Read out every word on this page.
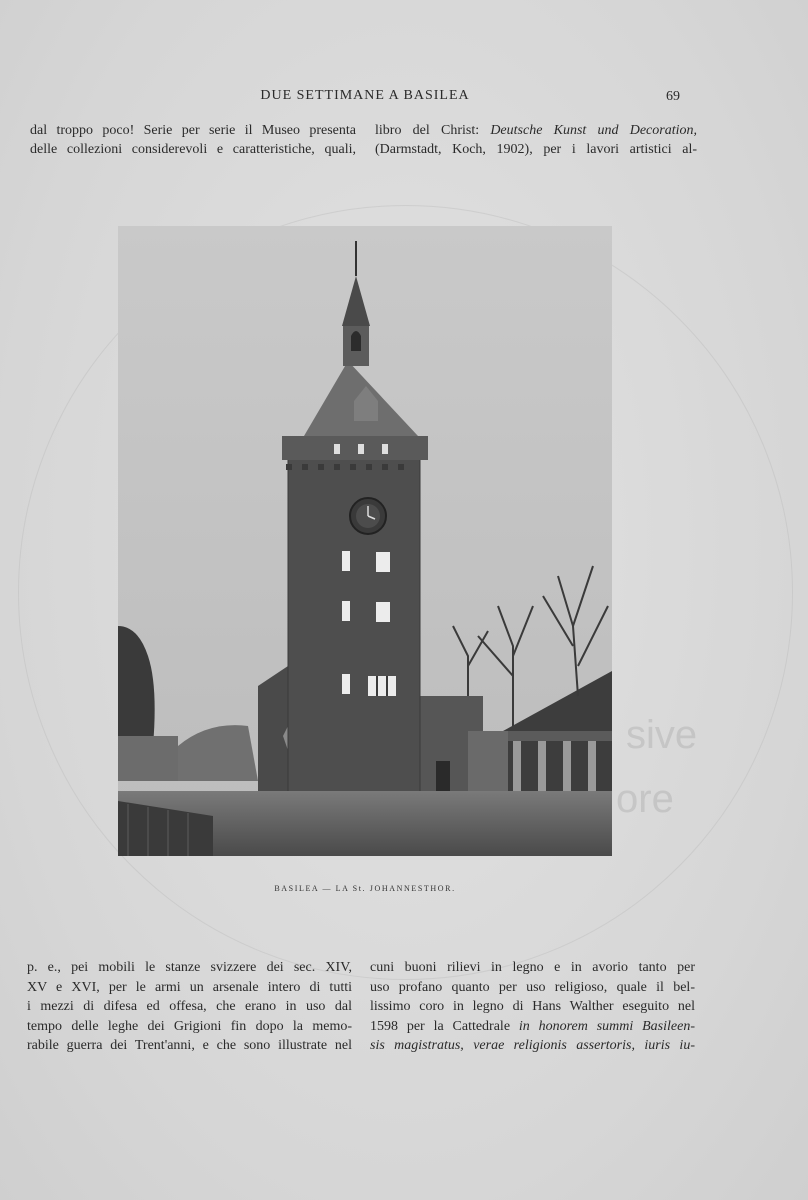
sive
ore
DUE SETTIMANE A BASILEA	69
dal troppo poco! Serie per serie il Museo presenta
delle collezioni considerevoli e caratteristiche, quali,
libro del Christ: Deutsche Kunst und Decoration,
(Darmstadt, Koch, 1902), per i lavori artistici al-
BASILEA — LA St. JOHANNESTHOR.
p. e., pei mobili le stanze svizzere dei sec. XIV,
XV e XVI, per le armi un arsenale intero di tutti
i mezzi di difesa ed offesa, che erano in uso dal
tempo delle leghe dei Grigioni fin dopo la memo-
rabile guerra dei Trent'anni, e che sono illustrate nel
cuni buoni rilievi in legno e in avorio tanto per
uso profano quanto per uso religioso, quale il bel-
lissimo coro in legno di Hans Walther eseguito nel
1598 per la Cattedrale in honorem summi Basileen-
sis magistratus, verae religionis assertoris, iuris iu-
